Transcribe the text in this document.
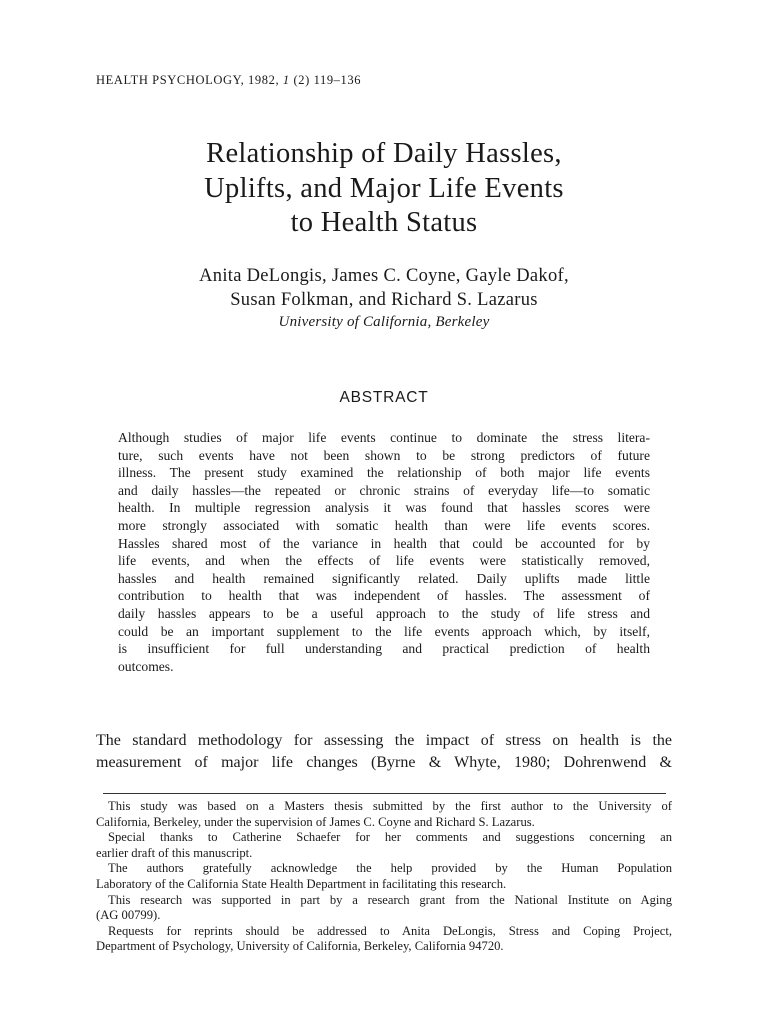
HEALTH PSYCHOLOGY, 1982, 1 (2) 119–136
Relationship of Daily Hassles,
Uplifts, and Major Life Events
to Health Status
Anita DeLongis, James C. Coyne, Gayle Dakof,
Susan Folkman, and Richard S. Lazarus
University of California, Berkeley
ABSTRACT
Although studies of major life events continue to dominate the stress litera-
ture, such events have not been shown to be strong predictors of future
illness. The present study examined the relationship of both major life events
and daily hassles—the repeated or chronic strains of everyday life—to somatic
health. In multiple regression analysis it was found that hassles scores were
more strongly associated with somatic health than were life events scores.
Hassles shared most of the variance in health that could be accounted for by
life events, and when the effects of life events were statistically removed,
hassles and health remained significantly related. Daily uplifts made little
contribution to health that was independent of hassles. The assessment of
daily hassles appears to be a useful approach to the study of life stress and
could be an important supplement to the life events approach which, by itself,
is insufficient for full understanding and practical prediction of health
outcomes.
The standard methodology for assessing the impact of stress on health is the
measurement of major life changes (Byrne & Whyte, 1980; Dohrenwend &
This study was based on a Masters thesis submitted by the first author to the University of
California, Berkeley, under the supervision of James C. Coyne and Richard S. Lazarus.
Special thanks to Catherine Schaefer for her comments and suggestions concerning an
earlier draft of this manuscript.
The authors gratefully acknowledge the help provided by the Human Population
Laboratory of the California State Health Department in facilitating this research.
This research was supported in part by a research grant from the National Institute on Aging
(AG 00799).
Requests for reprints should be addressed to Anita DeLongis, Stress and Coping Project,
Department of Psychology, University of California, Berkeley, California 94720.
